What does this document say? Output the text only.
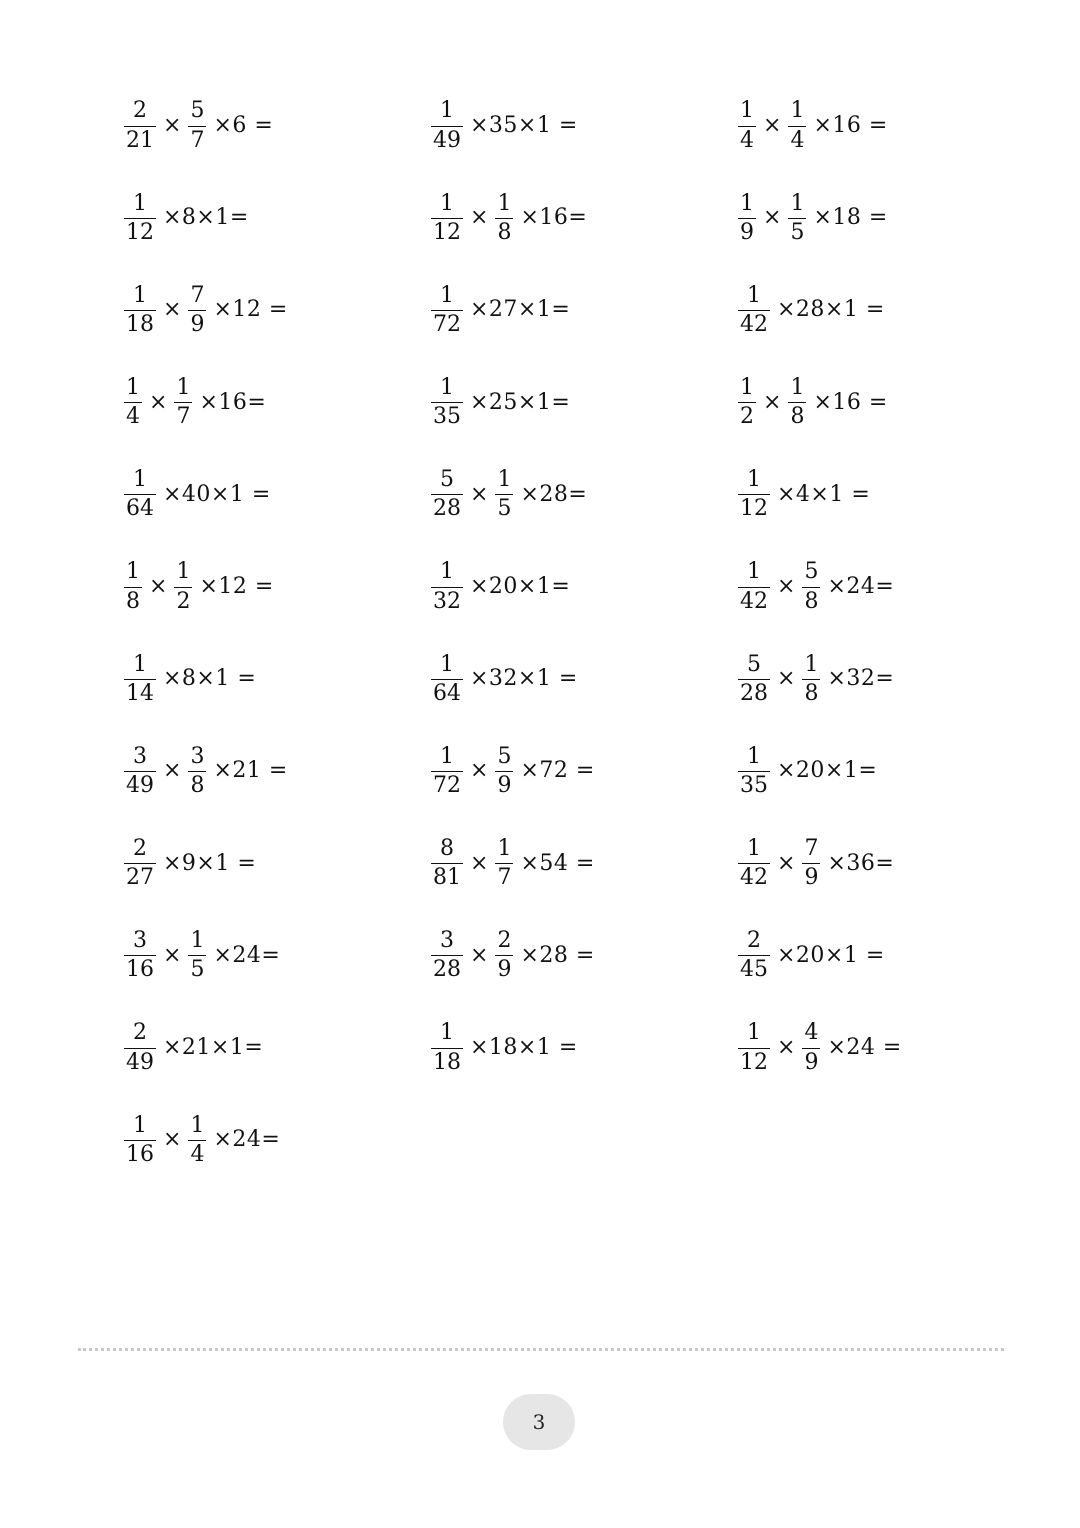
$\frac{2}{21} \times \frac{5}{7} \times 6$ =	$\frac{1}{49} \times 35\times 1$ =	$\frac{1}{4} \times \frac{1}{4} \times 16$ =
$\frac{1}{12} \times 8\times 1=$	$\frac{1}{12} \times \frac{1}{8} \times 16=$	$\frac{1}{9} \times \frac{1}{5} \times 18$ =
$\frac{1}{18} \times \frac{7}{9} \times 12$ =	$\frac{1}{72} \times 27\times 1=$	$\frac{1}{42} \times 28\times 1$ =
$\frac{1}{4} \times \frac{1}{7} \times 16=$	$\frac{1}{35} \times 25\times 1=$	$\frac{1}{2} \times \frac{1}{8} \times 16$ =
$\frac{1}{64} \times 40\times 1$ =	$\frac{5}{28} \times \frac{1}{5} \times 28=$	$\frac{1}{12} \times 4\times 1$ =
$\frac{1}{8} \times \frac{1}{2} \times 12$ =	$\frac{1}{32} \times 20\times 1=$	$\frac{1}{42} \times \frac{5}{8} \times 24=$
$\frac{1}{14} \times 8\times 1$ =	$\frac{1}{64} \times 32\times 1$ =	$\frac{5}{28} \times \frac{1}{8} \times 32=$
$\frac{3}{49} \times \frac{3}{8} \times 21$ =	$\frac{1}{72} \times \frac{5}{9} \times 72$ =	$\frac{1}{35} \times 20\times 1=$
$\frac{2}{27} \times 9\times 1$ =	$\frac{8}{81} \times \frac{1}{7} \times 54$ =	$\frac{1}{42} \times \frac{7}{9} \times 36=$
$\frac{3}{16} \times \frac{1}{5} \times 24=$	$\frac{3}{28} \times \frac{2}{9} \times 28$ =	$\frac{2}{45} \times 20\times 1$ =
$\frac{2}{49} \times 21\times 1=$	$\frac{1}{18} \times 18\times 1$ =	$\frac{1}{12} \times \frac{4}{9} \times 24$ =
$\frac{1}{16} \times \frac{1}{4} \times 24=$
3
